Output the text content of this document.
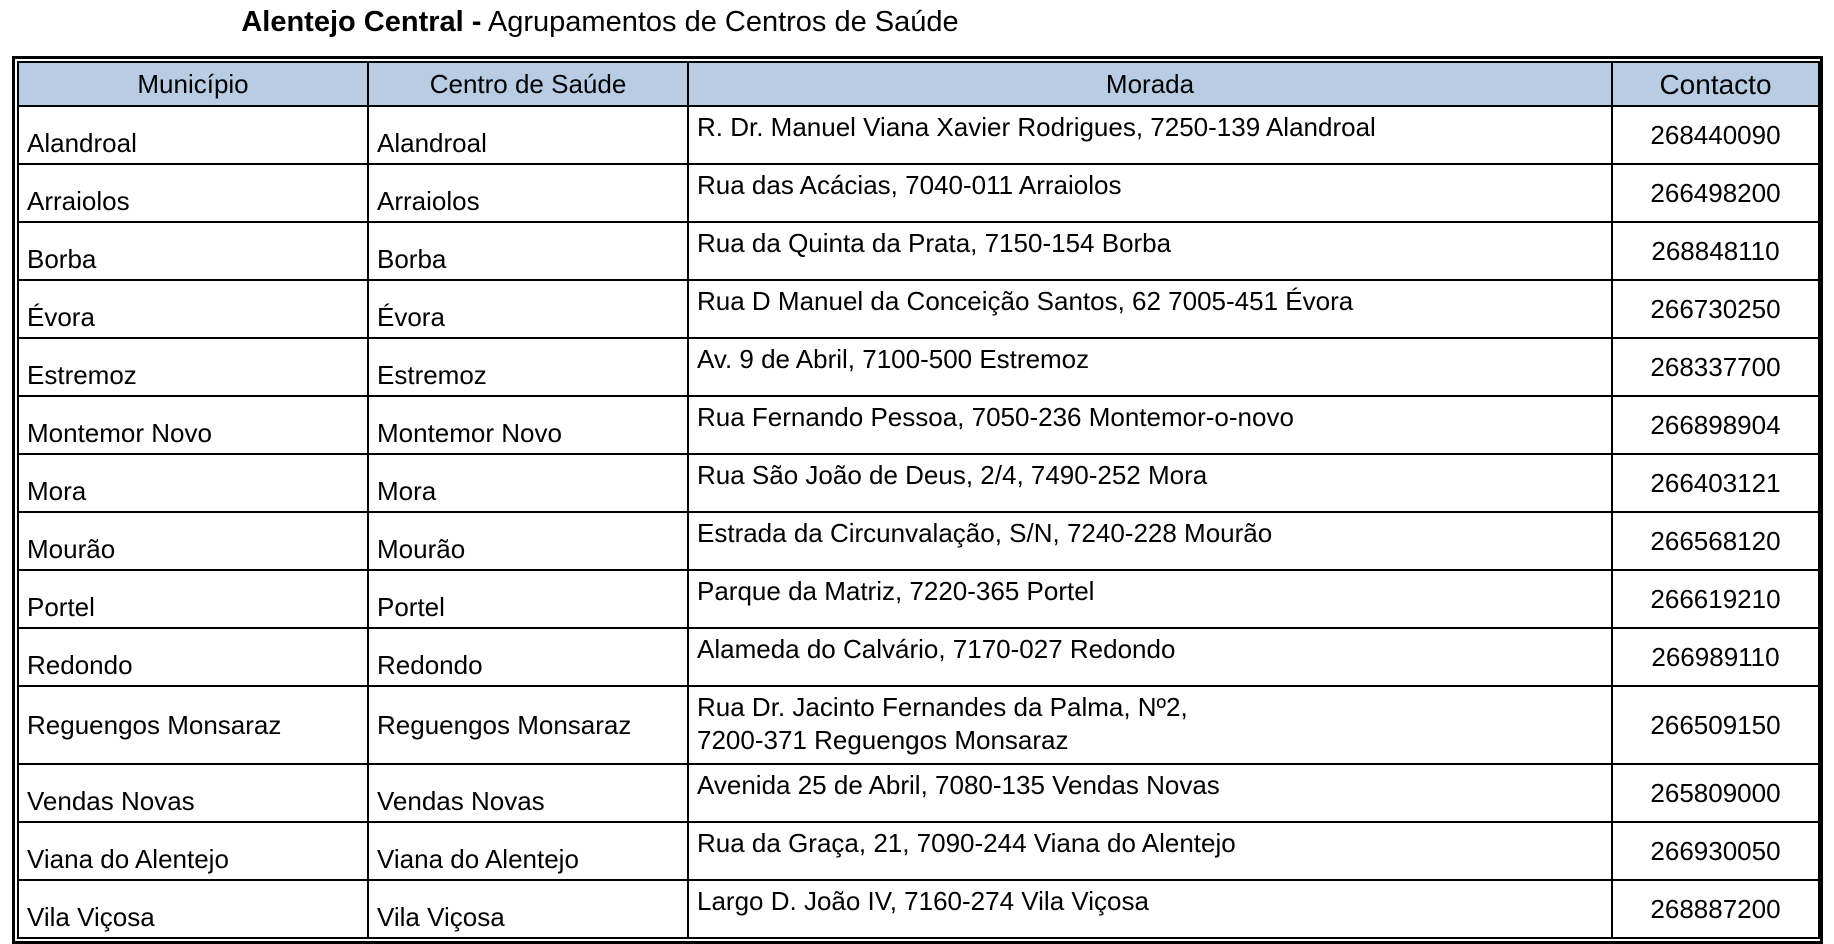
Alentejo Central - Agrupamentos de Centros de Saúde
Município	Centro de Saúde	Morada	Contacto
Alandroal	Alandroal	R. Dr. Manuel Viana Xavier Rodrigues, 7250-139 Alandroal	268440090
Arraiolos	Arraiolos	Rua das Acácias, 7040-011 Arraiolos	266498200
Borba	Borba	Rua da Quinta da Prata, 7150-154 Borba	268848110
Évora	Évora	Rua D Manuel da Conceição Santos, 62 7005-451 Évora	266730250
Estremoz	Estremoz	Av. 9 de Abril, 7100-500 Estremoz	268337700
Montemor Novo	Montemor Novo	Rua Fernando Pessoa, 7050-236 Montemor-o-novo	266898904
Mora	Mora	Rua São João de Deus, 2/4, 7490-252 Mora	266403121
Mourão	Mourão	Estrada da Circunvalação, S/N, 7240-228 Mourão	266568120
Portel	Portel	Parque da Matriz, 7220-365 Portel	266619210
Redondo	Redondo	Alameda do Calvário, 7170-027 Redondo	266989110
Reguengos Monsaraz	Reguengos Monsaraz	Rua Dr. Jacinto Fernandes da Palma, Nº2,
7200-371 Reguengos Monsaraz	266509150
Vendas Novas	Vendas Novas	Avenida 25 de Abril, 7080-135 Vendas Novas	265809000
Viana do Alentejo	Viana do Alentejo	Rua da Graça, 21, 7090-244 Viana do Alentejo	266930050
Vila Viçosa	Vila Viçosa	Largo D. João IV, 7160-274 Vila Viçosa	268887200
